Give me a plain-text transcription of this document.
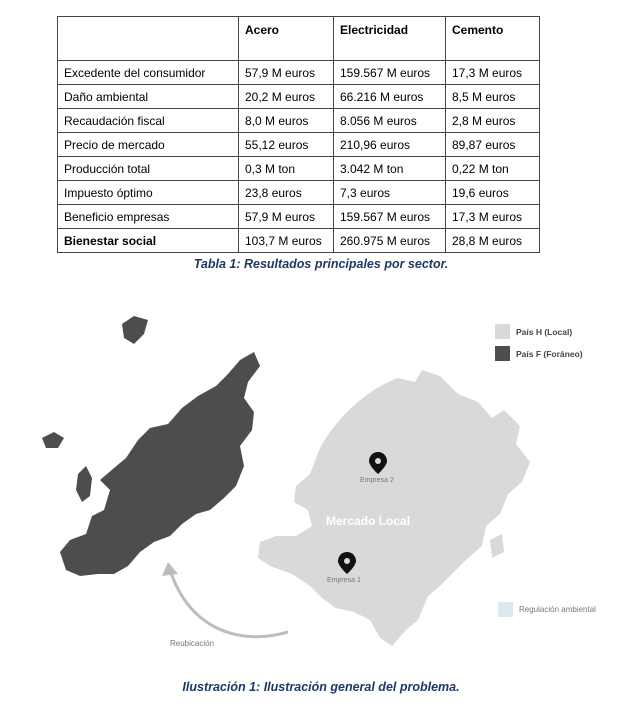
	Acero	Electricidad	Cemento
Excedente del consumidor	57,9 M euros	159.567 M euros	17,3 M euros
Daño ambiental	20,2 M euros	66.216 M euros	8,5 M euros
Recaudación fiscal	8,0 M euros	8.056 M euros	2,8 M euros
Precio de mercado	55,12 euros	210,96 euros	89,87 euros
Producción total	0,3 M ton	3.042 M ton	0,22 M ton
Impuesto óptimo	23,8 euros	7,3 euros	19,6 euros
Beneficio empresas	57,9 M euros	159.567 M euros	17,3 M euros
Bienestar social	103,7 M euros	260.975 M euros	28,8 M euros
Tabla 1: Resultados principales por sector.
País H (Local)
País F (Foráneo)
Empresa 2
Empresa 1
Mercado Local
Reubicación
Regulación ambiental
Ilustración 1: Ilustración general del problema.
